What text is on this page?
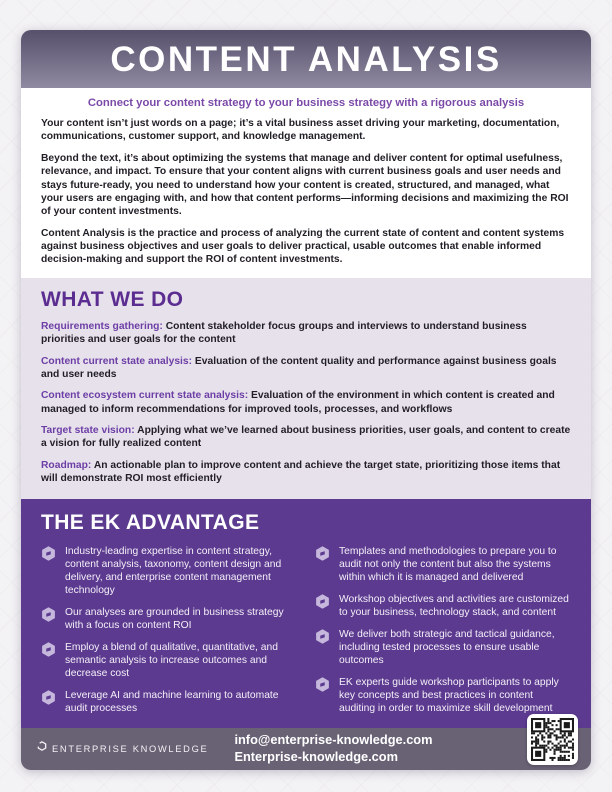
CONTENT ANALYSIS
Connect your content strategy to your business strategy with a rigorous analysis

Your content isn’t just words on a page; it’s a vital business asset driving your marketing, documentation, communications, customer support, and knowledge management.

Beyond the text, it’s about optimizing the systems that manage and deliver content for optimal usefulness, relevance, and impact. To ensure that your content aligns with current business goals and user needs and stays future-ready, you need to understand how your content is created, structured, and managed, what your users are engaging with, and how that content performs—informing decisions and maximizing the ROI of your content investments.

Content Analysis is the practice and process of analyzing the current state of content and content systems against business objectives and user goals to deliver practical, usable outcomes that enable informed decision-making and support the ROI of content investments.

WHAT WE DO

Requirements gathering: Content stakeholder focus groups and interviews to understand business priorities and user goals for the content

Content current state analysis: Evaluation of the content quality and performance against business goals and user needs

Content ecosystem current state analysis: Evaluation of the environment in which content is created and managed to inform recommendations for improved tools, processes, and workflows

Target state vision: Applying what we’ve learned about business priorities, user goals, and content to create a vision for fully realized content

Roadmap: An actionable plan to improve content and achieve the target state, prioritizing those items that will demonstrate ROI most efficiently

THE EK ADVANTAGE
Industry-leading expertise in content strategy, content analysis, taxonomy, content design and delivery, and enterprise content management technology
Our analyses are grounded in business strategy with a focus on content ROI
Employ a blend of qualitative, quantitative, and semantic analysis to increase outcomes and decrease cost
Leverage AI and machine learning to automate audit processes
Templates and methodologies to prepare you to audit not only the content but also the systems within which it is managed and delivered
Workshop objectives and activities are customized to your business, technology stack, and content
We deliver both strategic and tactical guidance, including tested processes to ensure usable outcomes
EK experts guide workshop participants to apply key concepts and best practices in content auditing in order to maximize skill development
ENTERPRISE KNOWLEDGE
info@enterprise-knowledge.com
Enterprise-knowledge.com
